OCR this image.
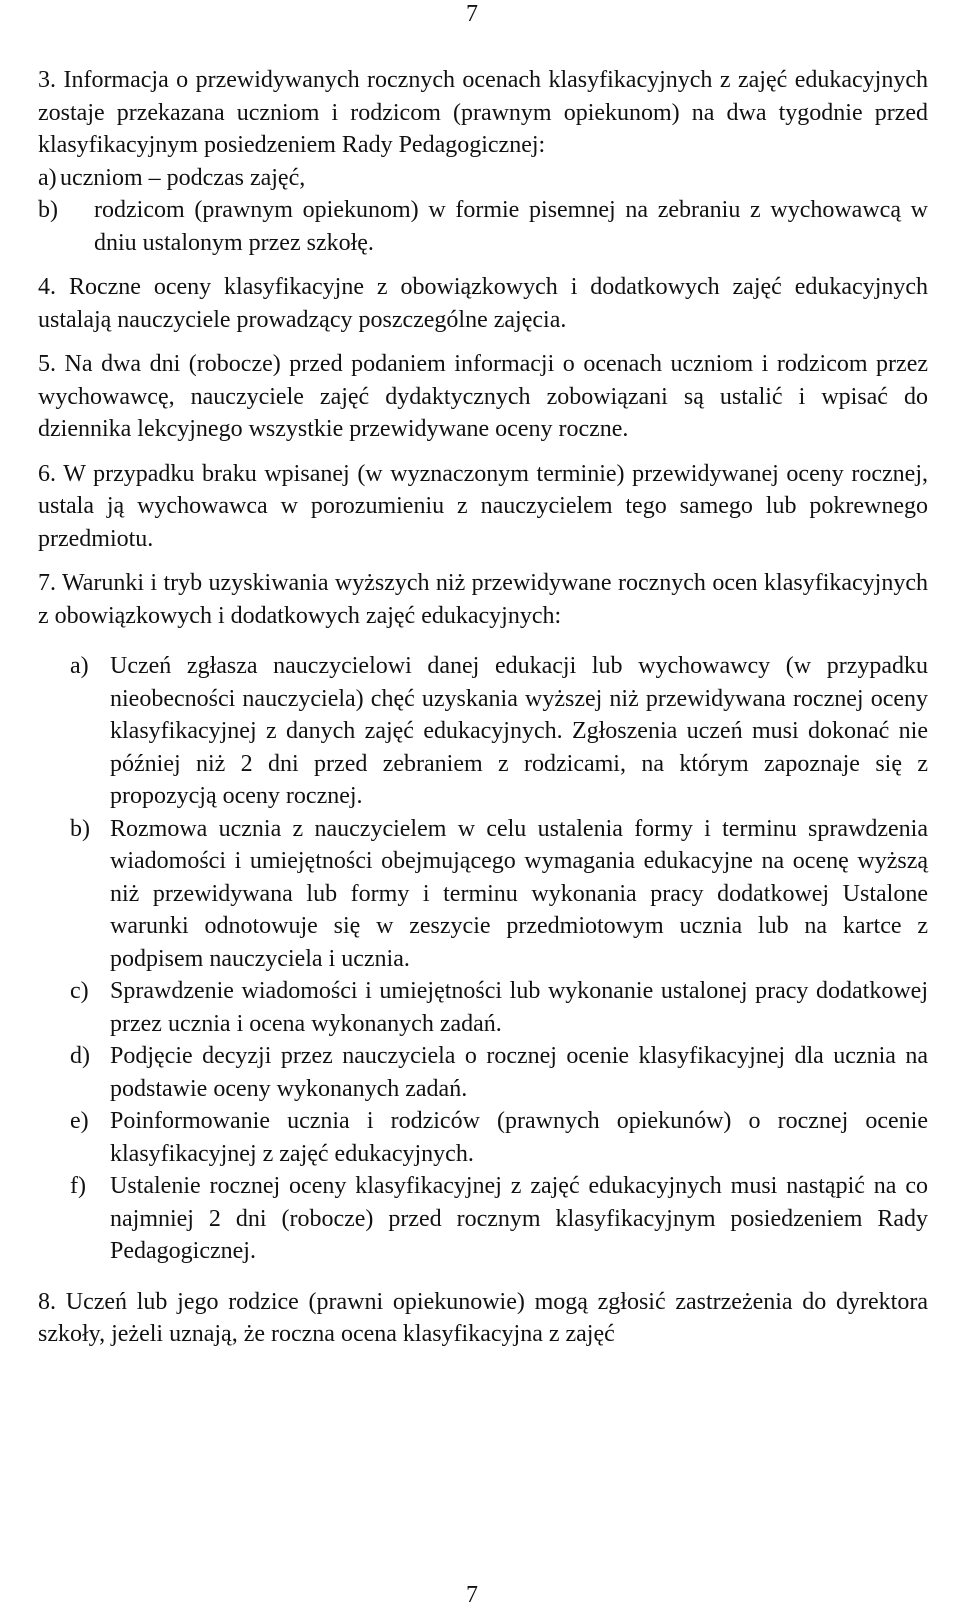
7
3. Informacja o przewidywanych rocznych ocenach klasyfikacyjnych z zajęć edukacyjnych zostaje przekazana uczniom i rodzicom (prawnym opiekunom) na dwa tygodnie przed klasyfikacyjnym posiedzeniem Rady Pedagogicznej:
a) uczniom – podczas zajęć,
b) rodzicom (prawnym opiekunom) w formie pisemnej na zebraniu z wychowawcą w dniu ustalonym przez szkołę.
4. Roczne oceny klasyfikacyjne z obowiązkowych i dodatkowych zajęć edukacyjnych ustalają nauczyciele prowadzący poszczególne zajęcia.
5. Na dwa dni (robocze) przed podaniem informacji o ocenach uczniom i rodzicom przez wychowawcę, nauczyciele zajęć dydaktycznych zobowiązani są ustalić i wpisać do dziennika lekcyjnego wszystkie przewidywane oceny roczne.
6. W przypadku braku wpisanej (w wyznaczonym terminie) przewidywanej oceny rocznej, ustala ją wychowawca w porozumieniu z nauczycielem tego samego lub pokrewnego przedmiotu.
7. Warunki i tryb uzyskiwania wyższych niż przewidywane rocznych ocen klasyfikacyjnych z obowiązkowych i dodatkowych zajęć edukacyjnych:
a) Uczeń zgłasza nauczycielowi danej edukacji lub wychowawcy (w przypadku nieobecności nauczyciela) chęć uzyskania wyższej niż przewidywana rocznej oceny klasyfikacyjnej z danych zajęć edukacyjnych. Zgłoszenia uczeń musi dokonać nie później niż 2 dni przed zebraniem z rodzicami, na którym zapoznaje się z propozycją oceny rocznej.
b) Rozmowa ucznia z nauczycielem w celu ustalenia formy i terminu sprawdzenia wiadomości i umiejętności obejmującego wymagania edukacyjne na ocenę wyższą niż przewidywana lub formy i terminu wykonania pracy dodatkowej Ustalone warunki odnotowuje się w zeszycie przedmiotowym ucznia lub na kartce z podpisem nauczyciela i ucznia.
c) Sprawdzenie wiadomości i umiejętności lub wykonanie ustalonej pracy dodatkowej przez ucznia i ocena wykonanych zadań.
d) Podjęcie decyzji przez nauczyciela o rocznej ocenie klasyfikacyjnej dla ucznia na podstawie oceny wykonanych zadań.
e) Poinformowanie ucznia i rodziców (prawnych opiekunów) o rocznej ocenie klasyfikacyjnej z zajęć edukacyjnych.
f) Ustalenie rocznej oceny klasyfikacyjnej z zajęć edukacyjnych musi nastąpić na co najmniej 2 dni (robocze) przed rocznym klasyfikacyjnym posiedzeniem Rady Pedagogicznej.
8. Uczeń lub jego rodzice (prawni opiekunowie) mogą zgłosić zastrzeżenia do dyrektora szkoły, jeżeli uznają, że roczna ocena klasyfikacyjna z zajęć
7
